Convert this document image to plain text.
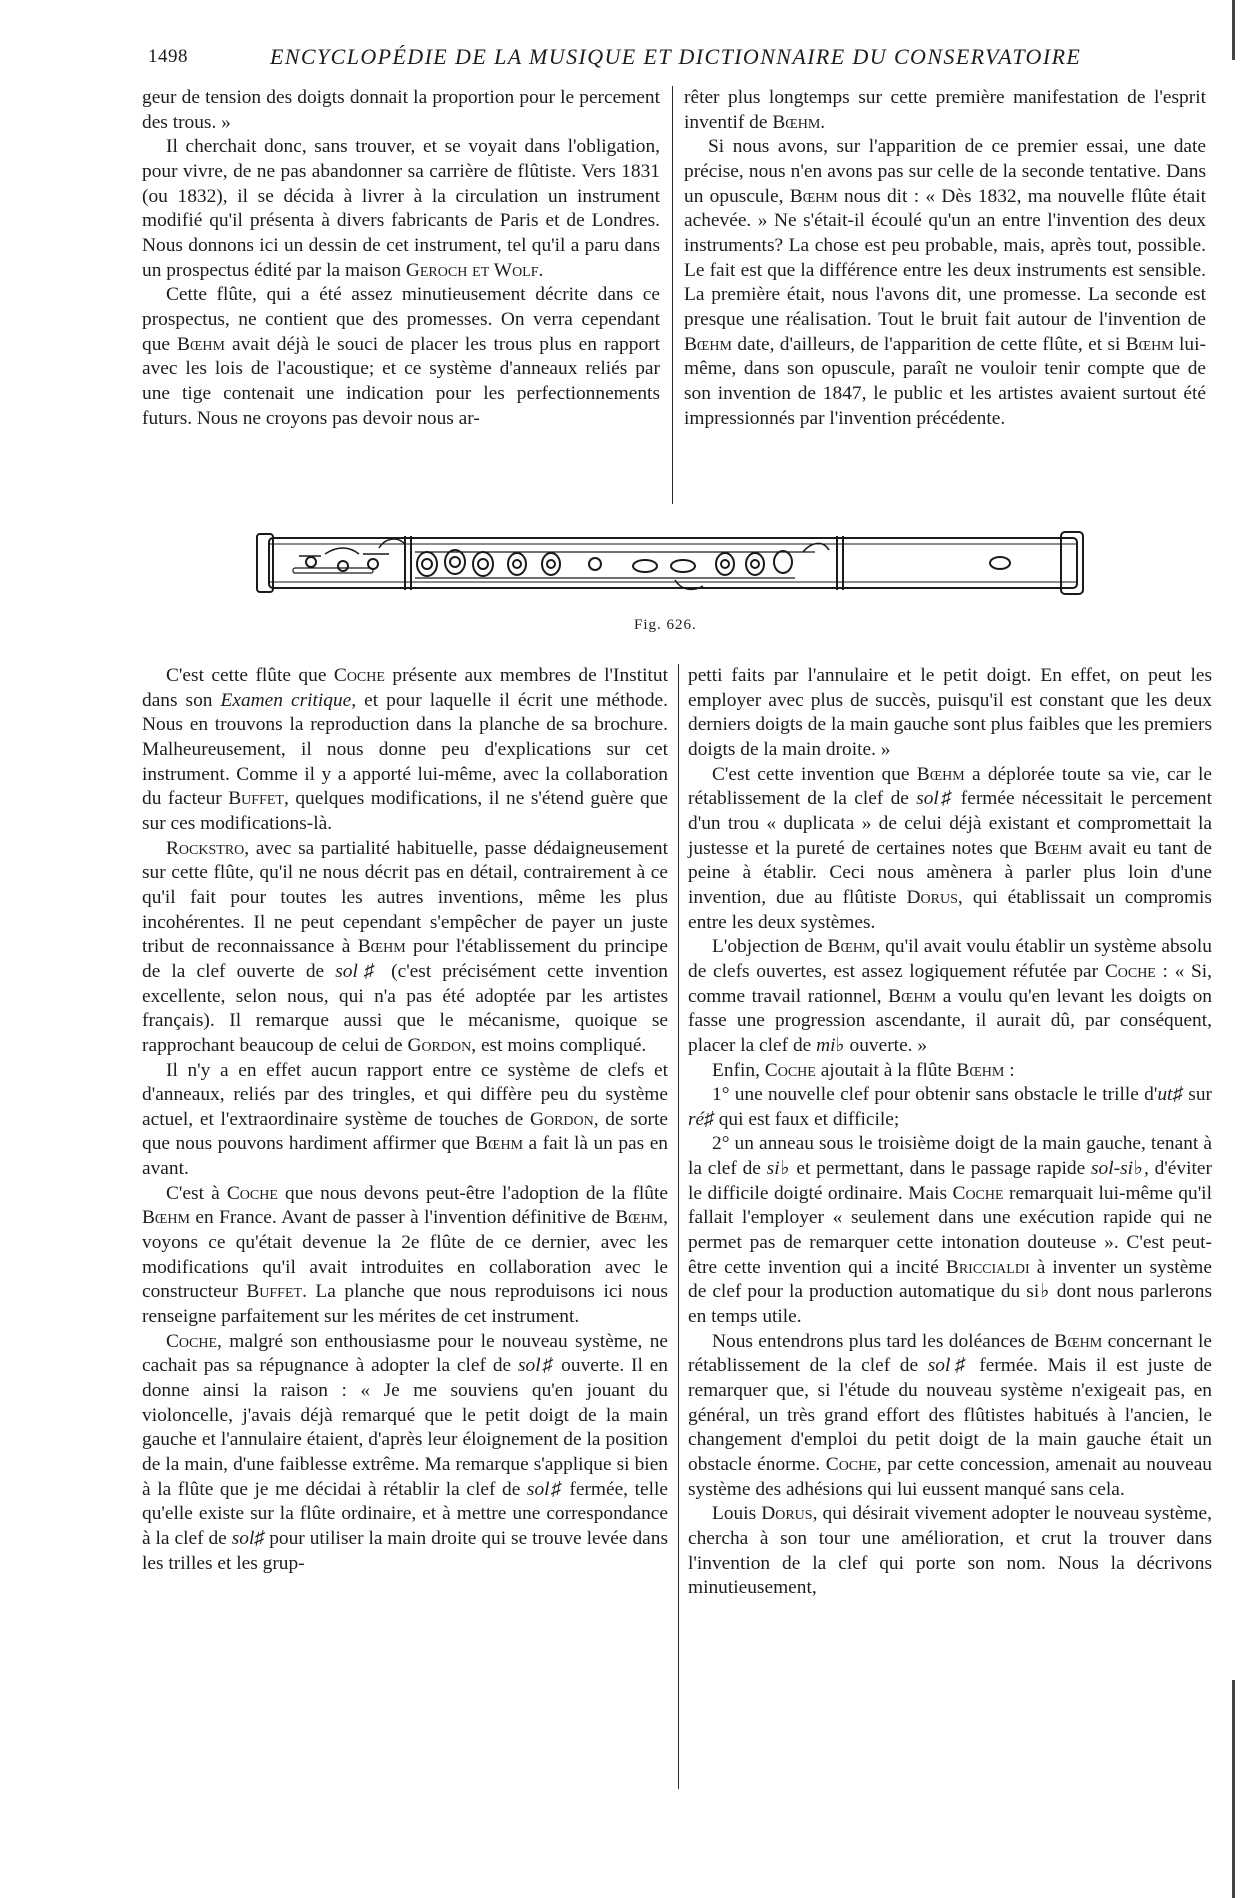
1498	ENCYCLOPÉDIE DE LA MUSIQUE ET DICTIONNAIRE DU CONSERVATOIRE

geur de tension des doigts donnait la proportion pour le percement des trous. »

Il cherchait donc, sans trouver, et se voyait dans l'obligation, pour vivre, de ne pas abandonner sa carrière de flûtiste. Vers 1831 (ou 1832), il se décida à livrer à la circulation un instrument modifié qu'il présenta à divers fabricants de Paris et de Londres. Nous donnons ici un dessin de cet instrument, tel qu'il a paru dans un prospectus édité par la maison Geroch et Wolf.

Cette flûte, qui a été assez minutieusement décrite dans ce prospectus, ne contient que des promesses. On verra cependant que Bœhm avait déjà le souci de placer les trous plus en rapport avec les lois de l'acoustique; et ce système d'anneaux reliés par une tige contenait une indication pour les perfectionnements futurs. Nous ne croyons pas devoir nous ar-

rêter plus longtemps sur cette première manifestation de l'esprit inventif de Bœhm.

Si nous avons, sur l'apparition de ce premier essai, une date précise, nous n'en avons pas sur celle de la seconde tentative. Dans un opuscule, Bœhm nous dit : « Dès 1832, ma nouvelle flûte était achevée. » Ne s'était-il écoulé qu'un an entre l'invention des deux instruments? La chose est peu probable, mais, après tout, possible. Le fait est que la différence entre les deux instruments est sensible. La première était, nous l'avons dit, une promesse. La seconde est presque une réalisation. Tout le bruit fait autour de l'invention de Bœhm date, d'ailleurs, de l'apparition de cette flûte, et si Bœhm lui-même, dans son opuscule, paraît ne vouloir tenir compte que de son invention de 1847, le public et les artistes avaient surtout été impressionnés par l'invention précédente.

Fig. 626.

C'est cette flûte que Coche présente aux membres de l'Institut dans son Examen critique, et pour laquelle il écrit une méthode. Nous en trouvons la reproduction dans la planche de sa brochure. Malheureusement, il nous donne peu d'explications sur cet instrument. Comme il y a apporté lui-même, avec la collaboration du facteur Buffet, quelques modifications, il ne s'étend guère que sur ces modifications-là.

Rockstro, avec sa partialité habituelle, passe dédaigneusement sur cette flûte, qu'il ne nous décrit pas en détail, contrairement à ce qu'il fait pour toutes les autres inventions, même les plus incohérentes. Il ne peut cependant s'empêcher de payer un juste tribut de reconnaissance à Bœhm pour l'établissement du principe de la clef ouverte de sol♯ (c'est précisément cette invention excellente, selon nous, qui n'a pas été adoptée par les artistes français). Il remarque aussi que le mécanisme, quoique se rapprochant beaucoup de celui de Gordon, est moins compliqué.

Il n'y a en effet aucun rapport entre ce système de clefs et d'anneaux, reliés par des tringles, et qui diffère peu du système actuel, et l'extraordinaire système de touches de Gordon, de sorte que nous pouvons hardiment affirmer que Bœhm a fait là un pas en avant.

C'est à Coche que nous devons peut-être l'adoption de la flûte Bœhm en France. Avant de passer à l'invention définitive de Bœhm, voyons ce qu'était devenue la 2e flûte de ce dernier, avec les modifications qu'il avait introduites en collaboration avec le constructeur Buffet. La planche que nous reproduisons ici nous renseigne parfaitement sur les mérites de cet instrument.

Coche, malgré son enthousiasme pour le nouveau système, ne cachait pas sa répugnance à adopter la clef de sol♯ ouverte. Il en donne ainsi la raison : « Je me souviens qu'en jouant du violoncelle, j'avais déjà remarqué que le petit doigt de la main gauche et l'annulaire étaient, d'après leur éloignement de la position de la main, d'une faiblesse extrême. Ma remarque s'applique si bien à la flûte que je me décidai à rétablir la clef de sol♯ fermée, telle qu'elle existe sur la flûte ordinaire, et à mettre une correspondance à la clef de sol♯ pour utiliser la main droite qui se trouve levée dans les trilles et les grup-

petti faits par l'annulaire et le petit doigt. En effet, on peut les employer avec plus de succès, puisqu'il est constant que les deux derniers doigts de la main gauche sont plus faibles que les premiers doigts de la main droite. »

C'est cette invention que Bœhm a déplorée toute sa vie, car le rétablissement de la clef de sol♯ fermée nécessitait le percement d'un trou « duplicata » de celui déjà existant et compromettait la justesse et la pureté de certaines notes que Bœhm avait eu tant de peine à établir. Ceci nous amènera à parler plus loin d'une invention, due au flûtiste Dorus, qui établissait un compromis entre les deux systèmes.

L'objection de Bœhm, qu'il avait voulu établir un système absolu de clefs ouvertes, est assez logiquement réfutée par Coche : « Si, comme travail rationnel, Bœhm a voulu qu'en levant les doigts on fasse une progression ascendante, il aurait dû, par conséquent, placer la clef de mi♭ ouverte. »

Enfin, Coche ajoutait à la flûte Bœhm :

1° une nouvelle clef pour obtenir sans obstacle le trille d'ut♯ sur ré♯ qui est faux et difficile;

2° un anneau sous le troisième doigt de la main gauche, tenant à la clef de si♭ et permettant, dans le passage rapide sol-si♭, d'éviter le difficile doigté ordinaire. Mais Coche remarquait lui-même qu'il fallait l'employer « seulement dans une exécution rapide qui ne permet pas de remarquer cette intonation douteuse ». C'est peut-être cette invention qui a incité Briccialdi à inventer un système de clef pour la production automatique du si♭ dont nous parlerons en temps utile.

Nous entendrons plus tard les doléances de Bœhm concernant le rétablissement de la clef de sol♯ fermée. Mais il est juste de remarquer que, si l'étude du nouveau système n'exigeait pas, en général, un très grand effort des flûtistes habitués à l'ancien, le changement d'emploi du petit doigt de la main gauche était un obstacle énorme. Coche, par cette concession, amenait au nouveau système des adhésions qui lui eussent manqué sans cela.

Louis Dorus, qui désirait vivement adopter le nouveau système, chercha à son tour une amélioration, et crut la trouver dans l'invention de la clef qui porte son nom. Nous la décrivons minutieusement,
